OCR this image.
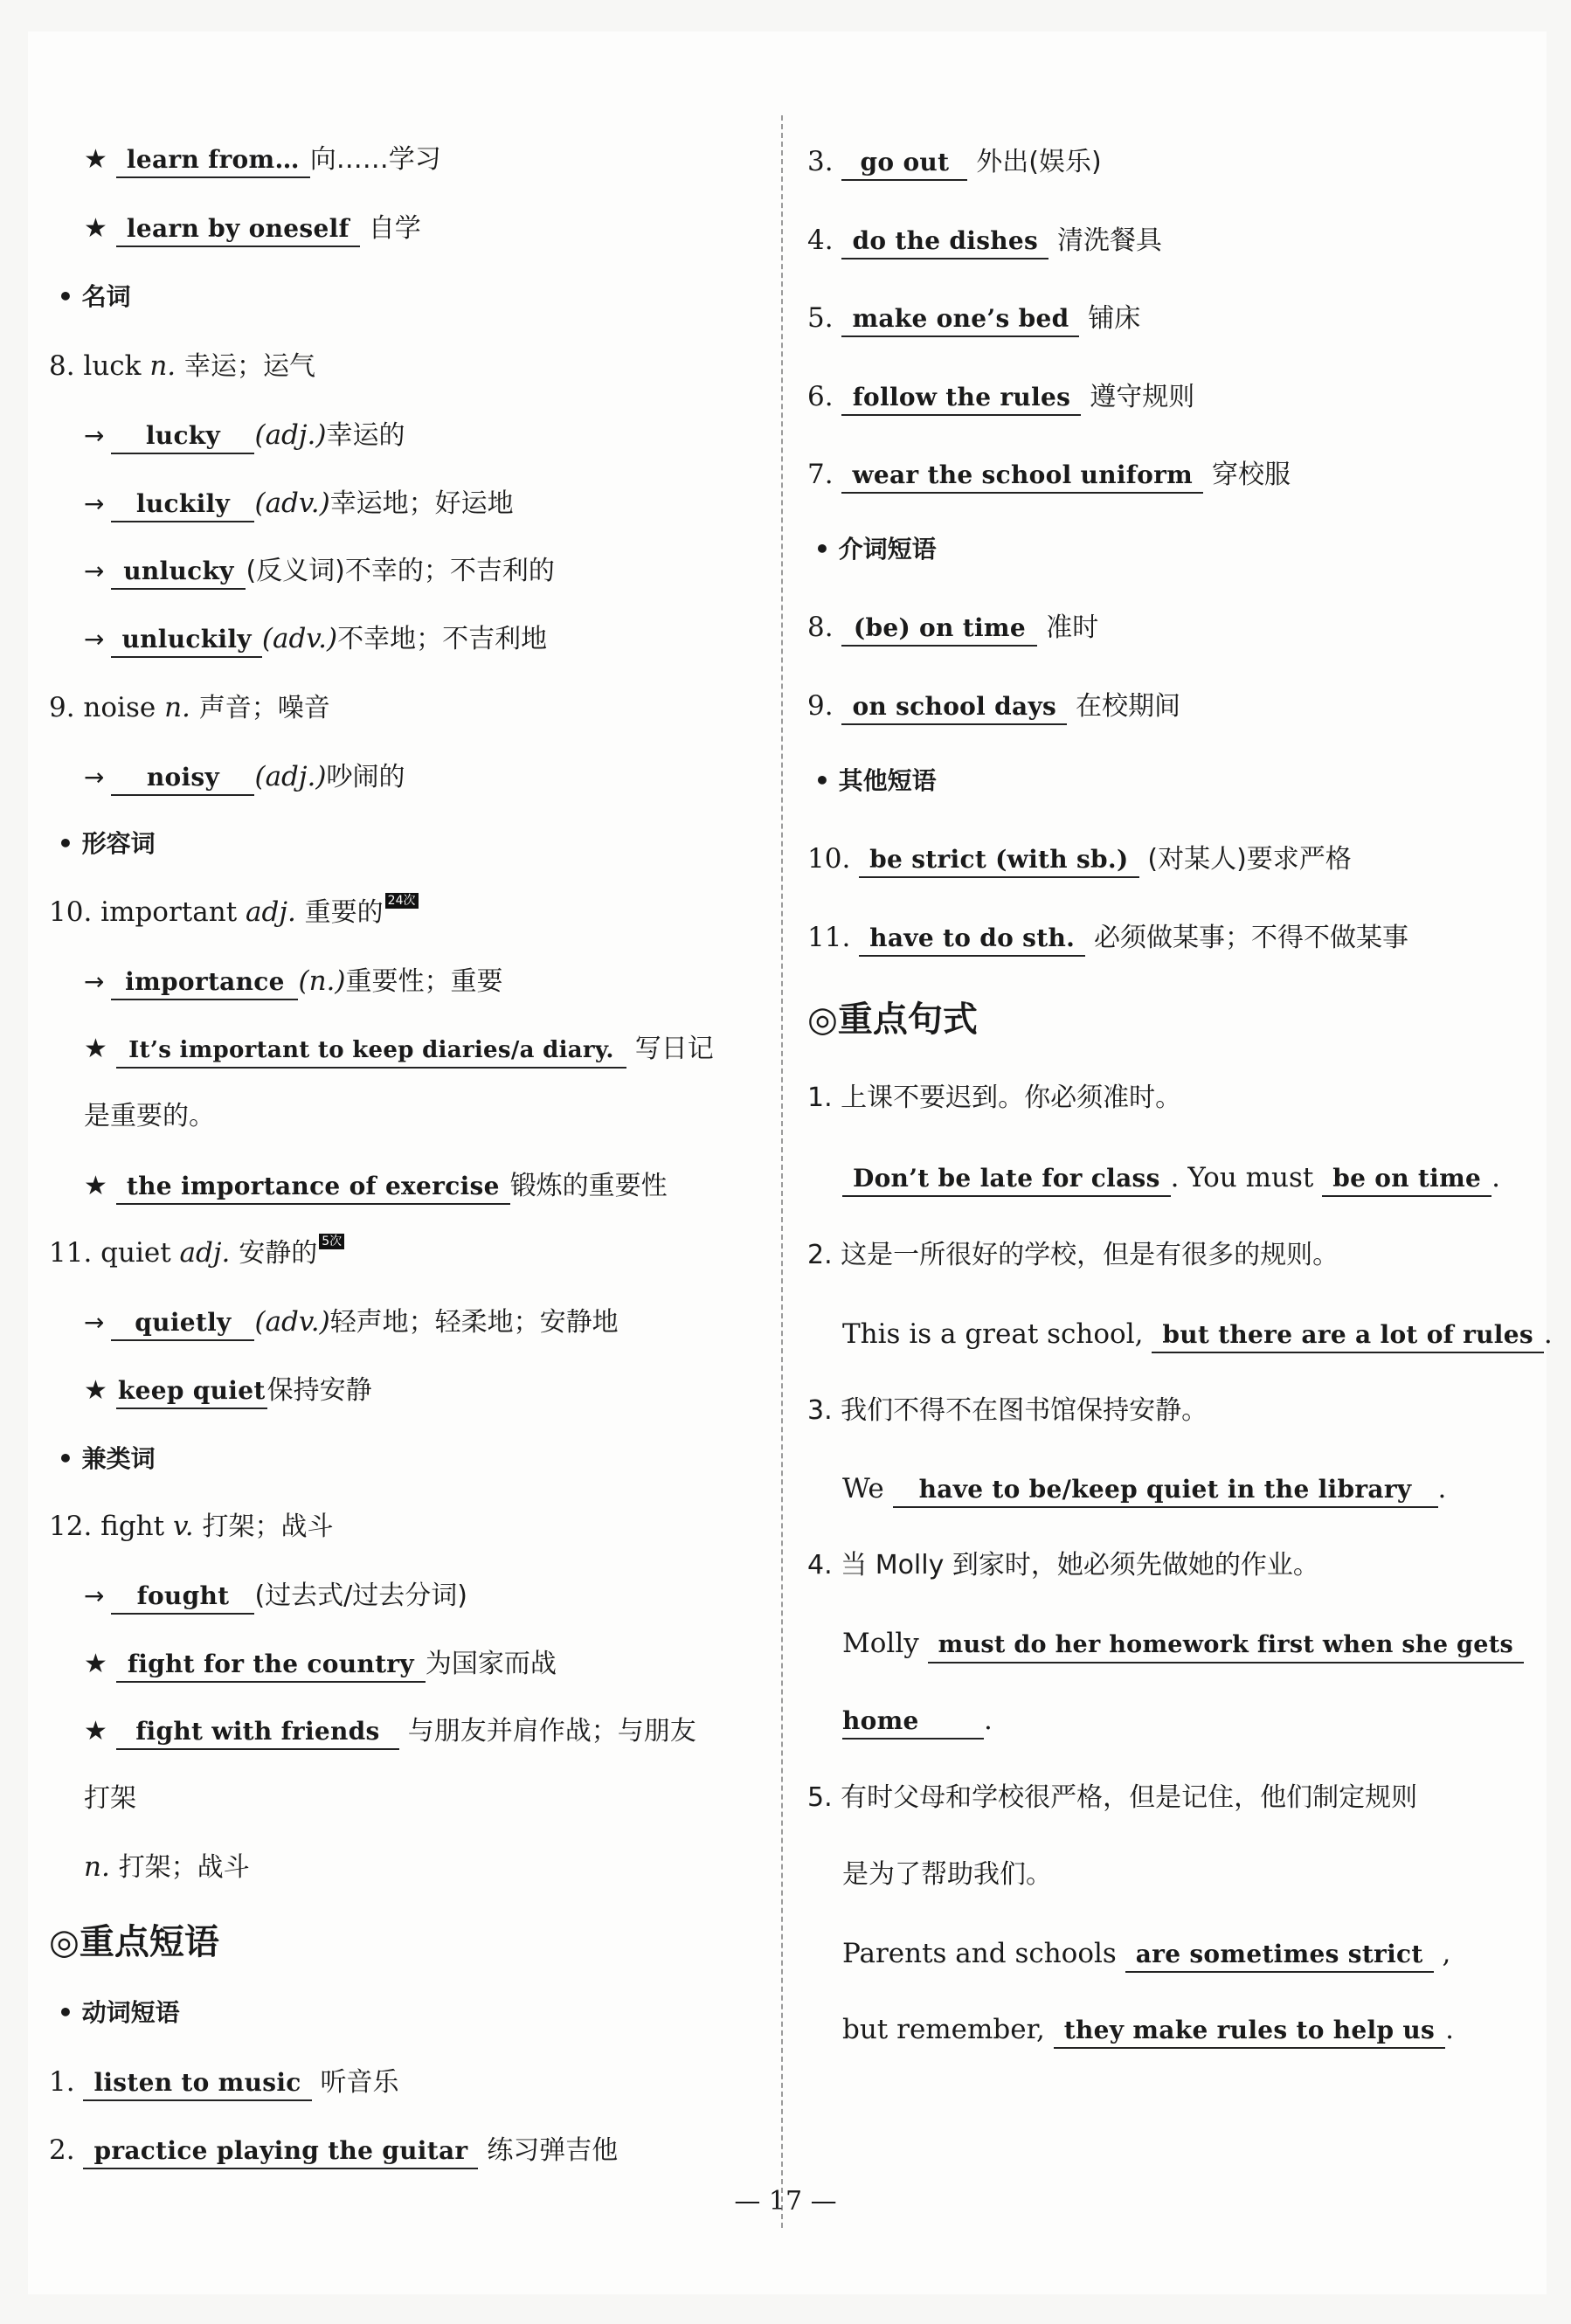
★ learn from… 向……学习
★ learn by oneself 自学
• 名词
8. luck n. 幸运；运气
→ lucky (adj.)幸运的
→ luckily (adv.)幸运地；好运地
→ unlucky (反义词)不幸的；不吉利的
→ unluckily (adv.)不幸地；不吉利地
9. noise n. 声音；噪音
→ noisy (adj.)吵闹的
• 形容词
10. important adj. 重要的 24次
→ importance (n.)重要性；重要
★ It’s important to keep diaries/a diary. 写日记
是重要的。
★ the importance of exercise 锻炼的重要性
11. quiet adj. 安静的 5次
→ quietly (adv.)轻声地；轻柔地；安静地
★ keep quiet保持安静
• 兼类词
12. fight v. 打架；战斗
→ fought (过去式/过去分词)
★ fight for the country 为国家而战
★ fight with friends 与朋友并肩作战；与朋友
打架
n. 打架；战斗
◎重点短语
• 动词短语
1. listen to music 听音乐
2. practice playing the guitar 练习弹吉他
3. go out 外出(娱乐)
4. do the dishes 清洗餐具
5. make one’s bed 铺床
6. follow the rules 遵守规则
7. wear the school uniform 穿校服
• 介词短语
8. (be) on time 准时
9. on school days 在校期间
• 其他短语
10. be strict (with sb.) (对某人)要求严格
11. have to do sth. 必须做某事；不得不做某事
◎重点句式
1. 上课不要迟到。你必须准时。
Don’t be late for class . You must be on time .
2. 这是一所很好的学校，但是有很多的规则。
This is a great school, but there are a lot of rules .
3. 我们不得不在图书馆保持安静。
We have to be/keep quiet in the library .
4. 当 Molly 到家时，她必须先做她的作业。
Molly must do her homework first when she gets
home .
5. 有时父母和学校很严格，但是记住，他们制定规则
是为了帮助我们。
Parents and schools are sometimes strict ,
but remember, they make rules to help us .
— 17 —
